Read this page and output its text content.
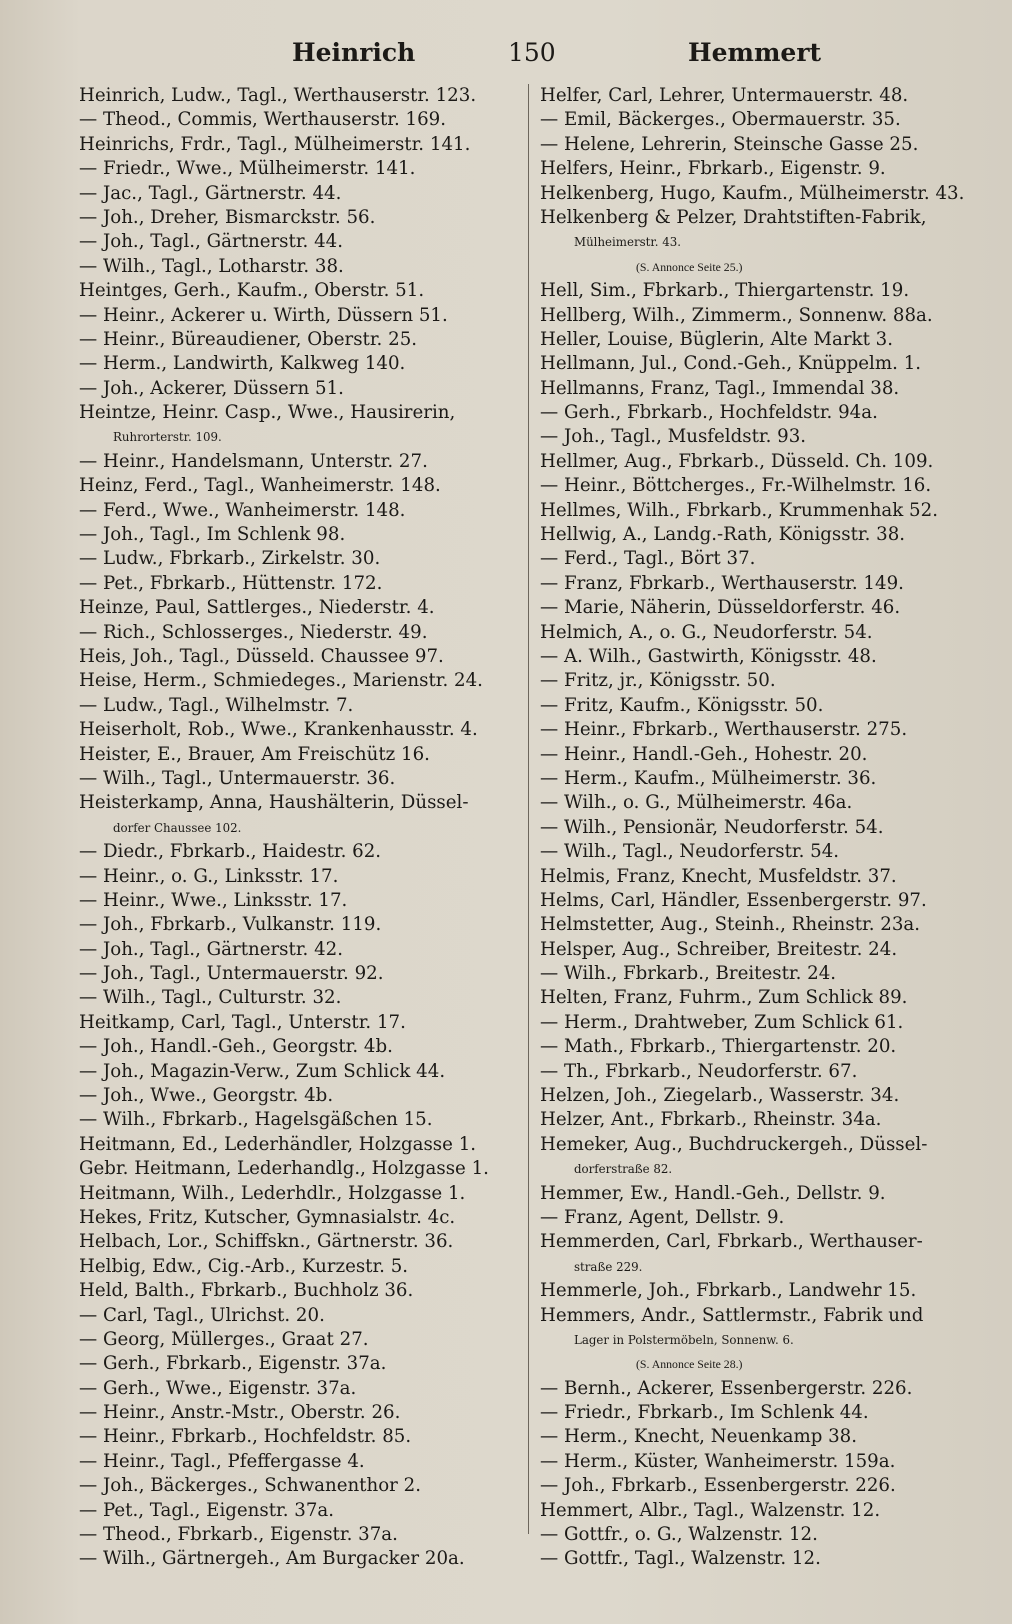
Heinrich	150	Hemmert
Heinrich, Ludw., Tagl., Werthauserstr. 123.
— Theod., Commis, Werthauserstr. 169.
Heinrichs, Frdr., Tagl., Mülheimerstr. 141.
— Friedr., Wwe., Mülheimerstr. 141.
— Jac., Tagl., Gärtnerstr. 44.
— Joh., Dreher, Bismarckstr. 56.
— Joh., Tagl., Gärtnerstr. 44.
— Wilh., Tagl., Lotharstr. 38.
Heintges, Gerh., Kaufm., Oberstr. 51.
— Heinr., Ackerer u. Wirth, Düssern 51.
— Heinr., Büreaudiener, Oberstr. 25.
— Herm., Landwirth, Kalkweg 140.
— Joh., Ackerer, Düssern 51.
Heintze, Heinr. Casp., Wwe., Hausirerin,
Ruhrorterstr. 109.
— Heinr., Handelsmann, Unterstr. 27.
Heinz, Ferd., Tagl., Wanheimerstr. 148.
— Ferd., Wwe., Wanheimerstr. 148.
— Joh., Tagl., Im Schlenk 98.
— Ludw., Fbrkarb., Zirkelstr. 30.
— Pet., Fbrkarb., Hüttenstr. 172.
Heinze, Paul, Sattlerges., Niederstr. 4.
— Rich., Schlosserges., Niederstr. 49.
Heis, Joh., Tagl., Düsseld. Chaussee 97.
Heise, Herm., Schmiedeges., Marienstr. 24.
— Ludw., Tagl., Wilhelmstr. 7.
Heiserholt, Rob., Wwe., Krankenhausstr. 4.
Heister, E., Brauer, Am Freischütz 16.
— Wilh., Tagl., Untermauerstr. 36.
Heisterkamp, Anna, Haushälterin, Düssel-
dorfer Chaussee 102.
— Diedr., Fbrkarb., Haidestr. 62.
— Heinr., o. G., Linksstr. 17.
— Heinr., Wwe., Linksstr. 17.
— Joh., Fbrkarb., Vulkanstr. 119.
— Joh., Tagl., Gärtnerstr. 42.
— Joh., Tagl., Untermauerstr. 92.
— Wilh., Tagl., Culturstr. 32.
Heitkamp, Carl, Tagl., Unterstr. 17.
— Joh., Handl.-Geh., Georgstr. 4b.
— Joh., Magazin-Verw., Zum Schlick 44.
— Joh., Wwe., Georgstr. 4b.
— Wilh., Fbrkarb., Hagelsgäßchen 15.
Heitmann, Ed., Lederhändler, Holzgasse 1.
Gebr. Heitmann, Lederhandlg., Holzgasse 1.
Heitmann, Wilh., Lederhdlr., Holzgasse 1.
Hekes, Fritz, Kutscher, Gymnasialstr. 4c.
Helbach, Lor., Schiffskn., Gärtnerstr. 36.
Helbig, Edw., Cig.-Arb., Kurzestr. 5.
Held, Balth., Fbrkarb., Buchholz 36.
— Carl, Tagl., Ulrichst. 20.
— Georg, Müllerges., Graat 27.
— Gerh., Fbrkarb., Eigenstr. 37a.
— Gerh., Wwe., Eigenstr. 37a.
— Heinr., Anstr.-Mstr., Oberstr. 26.
— Heinr., Fbrkarb., Hochfeldstr. 85.
— Heinr., Tagl., Pfeffergasse 4.
— Joh., Bäckerges., Schwanenthor 2.
— Pet., Tagl., Eigenstr. 37a.
— Theod., Fbrkarb., Eigenstr. 37a.
— Wilh., Gärtnergeh., Am Burgacker 20a.
Helfer, Carl, Lehrer, Untermauerstr. 48.
— Emil, Bäckerges., Obermauerstr. 35.
— Helene, Lehrerin, Steinsche Gasse 25.
Helfers, Heinr., Fbrkarb., Eigenstr. 9.
Helkenberg, Hugo, Kaufm., Mülheimerstr. 43.
Helkenberg & Pelzer, Drahtstiften-Fabrik,
Mülheimerstr. 43.
(S. Annonce Seite 25.)
Hell, Sim., Fbrkarb., Thiergartenstr. 19.
Hellberg, Wilh., Zimmerm., Sonnenw. 88a.
Heller, Louise, Büglerin, Alte Markt 3.
Hellmann, Jul., Cond.-Geh., Knüppelm. 1.
Hellmanns, Franz, Tagl., Immendal 38.
— Gerh., Fbrkarb., Hochfeldstr. 94a.
— Joh., Tagl., Musfeldstr. 93.
Hellmer, Aug., Fbrkarb., Düsseld. Ch. 109.
— Heinr., Böttcherges., Fr.-Wilhelmstr. 16.
Hellmes, Wilh., Fbrkarb., Krummenhak 52.
Hellwig, A., Landg.-Rath, Königsstr. 38.
— Ferd., Tagl., Bört 37.
— Franz, Fbrkarb., Werthauserstr. 149.
— Marie, Näherin, Düsseldorferstr. 46.
Helmich, A., o. G., Neudorferstr. 54.
— A. Wilh., Gastwirth, Königsstr. 48.
— Fritz, jr., Königsstr. 50.
— Fritz, Kaufm., Königsstr. 50.
— Heinr., Fbrkarb., Werthauserstr. 275.
— Heinr., Handl.-Geh., Hohestr. 20.
— Herm., Kaufm., Mülheimerstr. 36.
— Wilh., o. G., Mülheimerstr. 46a.
— Wilh., Pensionär, Neudorferstr. 54.
— Wilh., Tagl., Neudorferstr. 54.
Helmis, Franz, Knecht, Musfeldstr. 37.
Helms, Carl, Händler, Essenbergerstr. 97.
Helmstetter, Aug., Steinh., Rheinstr. 23a.
Helsper, Aug., Schreiber, Breitestr. 24.
— Wilh., Fbrkarb., Breitestr. 24.
Helten, Franz, Fuhrm., Zum Schlick 89.
— Herm., Drahtweber, Zum Schlick 61.
— Math., Fbrkarb., Thiergartenstr. 20.
— Th., Fbrkarb., Neudorferstr. 67.
Helzen, Joh., Ziegelarb., Wasserstr. 34.
Helzer, Ant., Fbrkarb., Rheinstr. 34a.
Hemeker, Aug., Buchdruckergeh., Düssel-
dorferstraße 82.
Hemmer, Ew., Handl.-Geh., Dellstr. 9.
— Franz, Agent, Dellstr. 9.
Hemmerden, Carl, Fbrkarb., Werthauser-
straße 229.
Hemmerle, Joh., Fbrkarb., Landwehr 15.
Hemmers, Andr., Sattlermstr., Fabrik und
Lager in Polstermöbeln, Sonnenw. 6.
(S. Annonce Seite 28.)
— Bernh., Ackerer, Essenbergerstr. 226.
— Friedr., Fbrkarb., Im Schlenk 44.
— Herm., Knecht, Neuenkamp 38.
— Herm., Küster, Wanheimerstr. 159a.
— Joh., Fbrkarb., Essenbergerstr. 226.
Hemmert, Albr., Tagl., Walzenstr. 12.
— Gottfr., o. G., Walzenstr. 12.
— Gottfr., Tagl., Walzenstr. 12.
